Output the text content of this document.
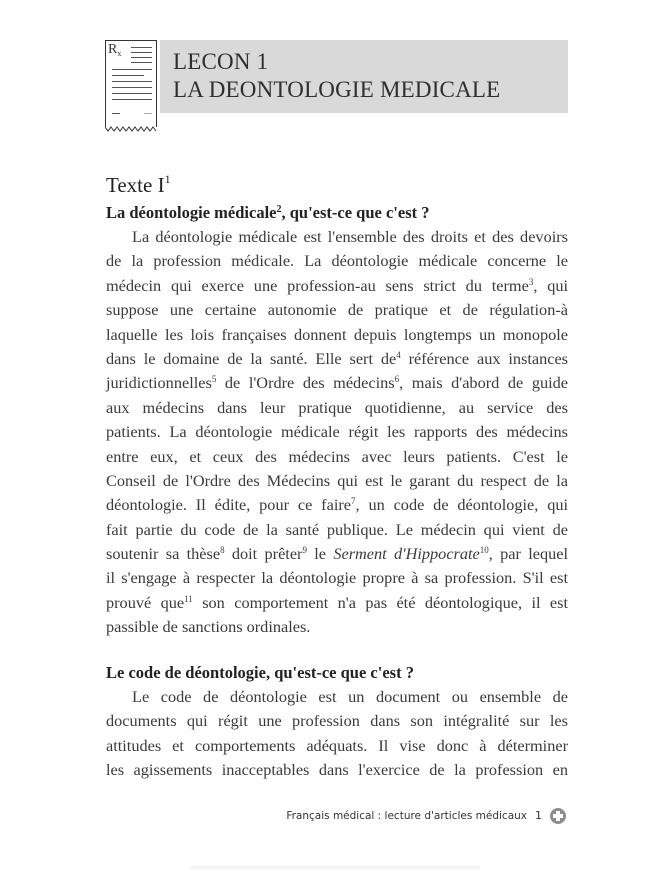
$R_x$ LECON 1
LA DEONTOLOGIE MEDICALE
Texte $I^1$
La déontologie médicale$^2$, qu'est-ce que c'est ?
La déontologie médicale est l'ensemble des droits et des devoirs
de la profession médicale. La déontologie médicale concerne le
médecin qui exerce une profession-au sens strict du terme$^3$, qui
suppose une certaine autonomie de pratique et de régulation-à
laquelle les lois françaises donnent depuis longtemps un monopole
dans le domaine de la santé. Elle sert $de^4$ référence aux instances
juridictionnelles$^5$ de l'Ordre des médecins$^6$, mais d'abord de guide
aux médecins dans leur pratique quotidienne, au service des
patients. La déontologie médicale régit les rapports des médecins
entre eux, et ceux des médecins avec leurs patients. C'est le
Conseil de l'Ordre des Médecins qui est le garant du respect de la
déontologie. Il édite, pour ce faire$^7$, un code de déontologie, qui
fait partie du code de la santé publique. Le médecin qui vient de
soutenir sa thèse$^8$ doit prêter$^9$ le Serment d'Hippocrate$^{10}$, par lequel
il s'engage à respecter la déontologie propre à sa profession. S'il est
prouvé que$^{11}$ son comportement n'a pas été déontologique, il est
passible de sanctions ordinales.
Le code de déontologie, qu'est-ce que c'est ?
Le code de déontologie est un document ou ensemble de
documents qui régit une profession dans son intégralité sur les
attitudes et comportements adéquats. Il vise donc à déterminer
les agissements inacceptables dans l'exercice de la profession en
Français médical : lecture d'articles médicaux 1
